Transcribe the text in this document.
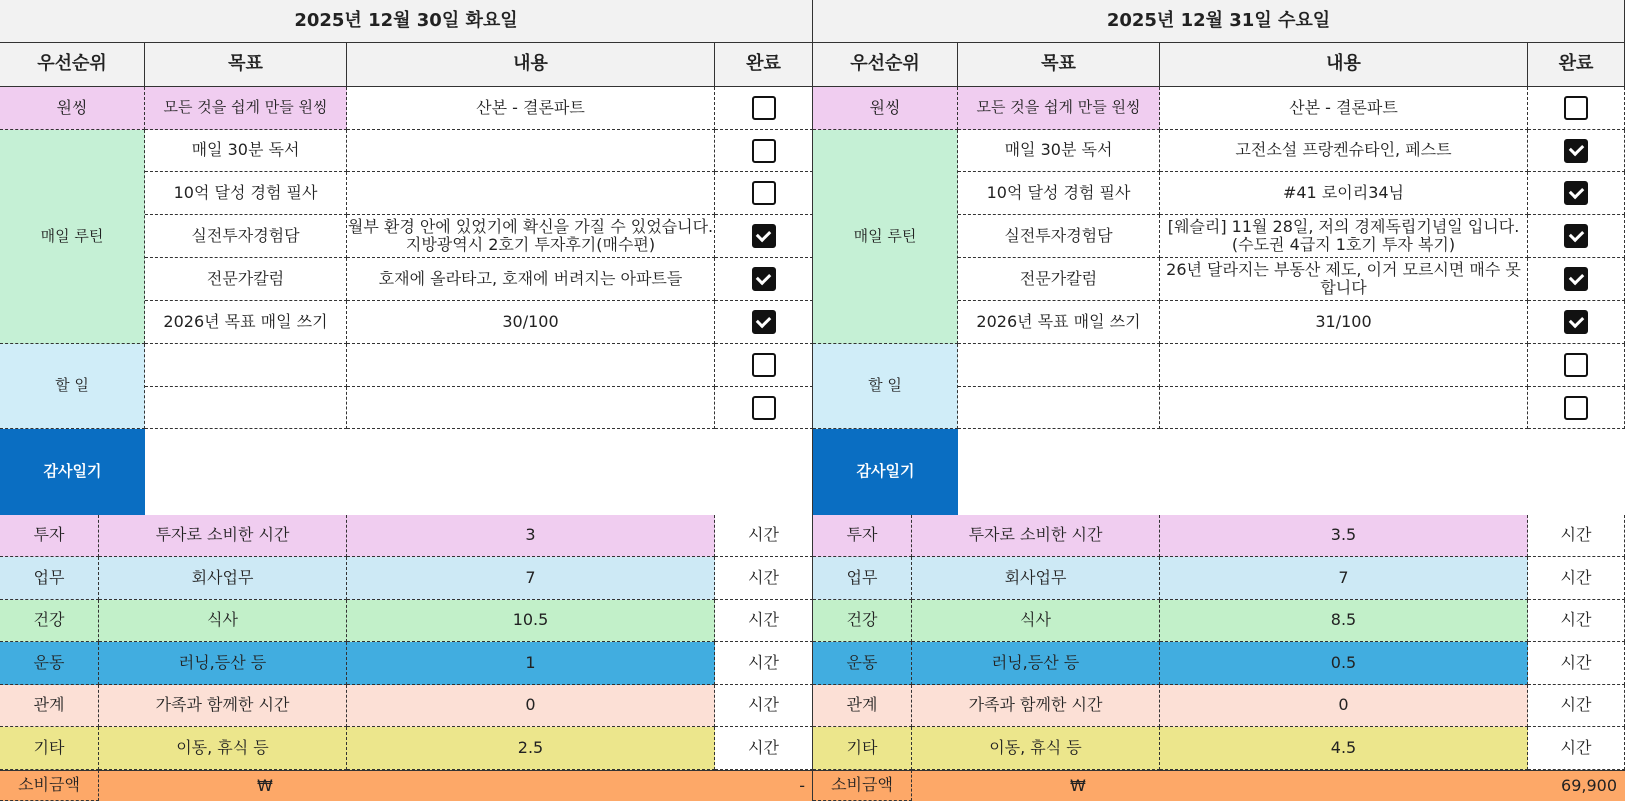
2025년 12월 30일 화요일
우선순위	목표	내용	완료
원씽	모든 것을 쉽게 만들 원씽	산본 - 결론파트
매일 루틴
매일 30분 독서
10억 달성 경험 필사
실전투자경험담	월부 환경 안에 있었기에 확신을 가질 수 있었습니다. 지방광역시 2호기 투자후기(매수편)
전문가칼럼	호재에 올라타고, 호재에 버려지는 아파트들
2026년 목표 매일 쓰기	30/100
할 일
감사일기
투자	투자로 소비한 시간	3	시간
업무	회사업무	7	시간
건강	식사	10.5	시간
운동	러닝,등산 등	1	시간
관계	가족과 함께한 시간	0	시간
기타	이동, 휴식 등	2.5	시간
소비금액	₩	-
2025년 12월 31일 수요일
우선순위	목표	내용	완료
원씽	모든 것을 쉽게 만들 원씽	산본 - 결론파트
매일 루틴
매일 30분 독서	고전소설 프랑켄슈타인, 페스트
10억 달성 경험 필사	#41 로이리34님
실전투자경험담	[웨슬리] 11월 28일, 저의 경제독립기념일 입니다. (수도권 4급지 1호기 투자 복기)
전문가칼럼	26년 달라지는 부동산 제도, 이거 모르시면 매수 못합니다
2026년 목표 매일 쓰기	31/100
할 일
감사일기
투자	투자로 소비한 시간	3.5	시간
업무	회사업무	7	시간
건강	식사	8.5	시간
운동	러닝,등산 등	0.5	시간
관계	가족과 함께한 시간	0	시간
기타	이동, 휴식 등	4.5	시간
소비금액	₩	69,900
